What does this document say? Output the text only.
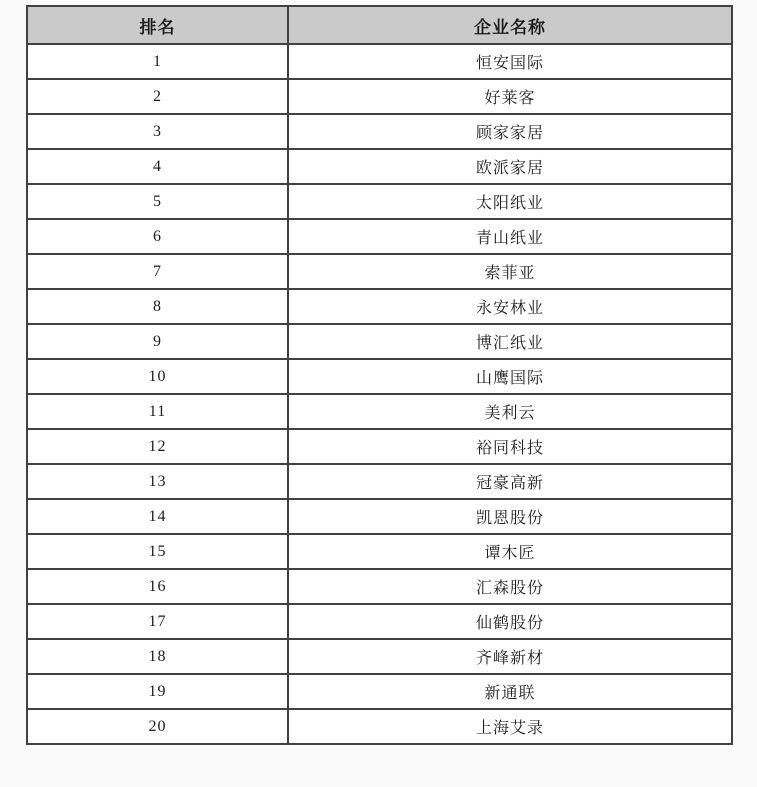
排名	企业名称
1	恒安国际
2	好莱客
3	顾家家居
4	欧派家居
5	太阳纸业
6	青山纸业
7	索菲亚
8	永安林业
9	博汇纸业
10	山鹰国际
11	美利云
12	裕同科技
13	冠豪高新
14	凯恩股份
15	谭木匠
16	汇森股份
17	仙鹤股份
18	齐峰新材
19	新通联
20	上海艾录
